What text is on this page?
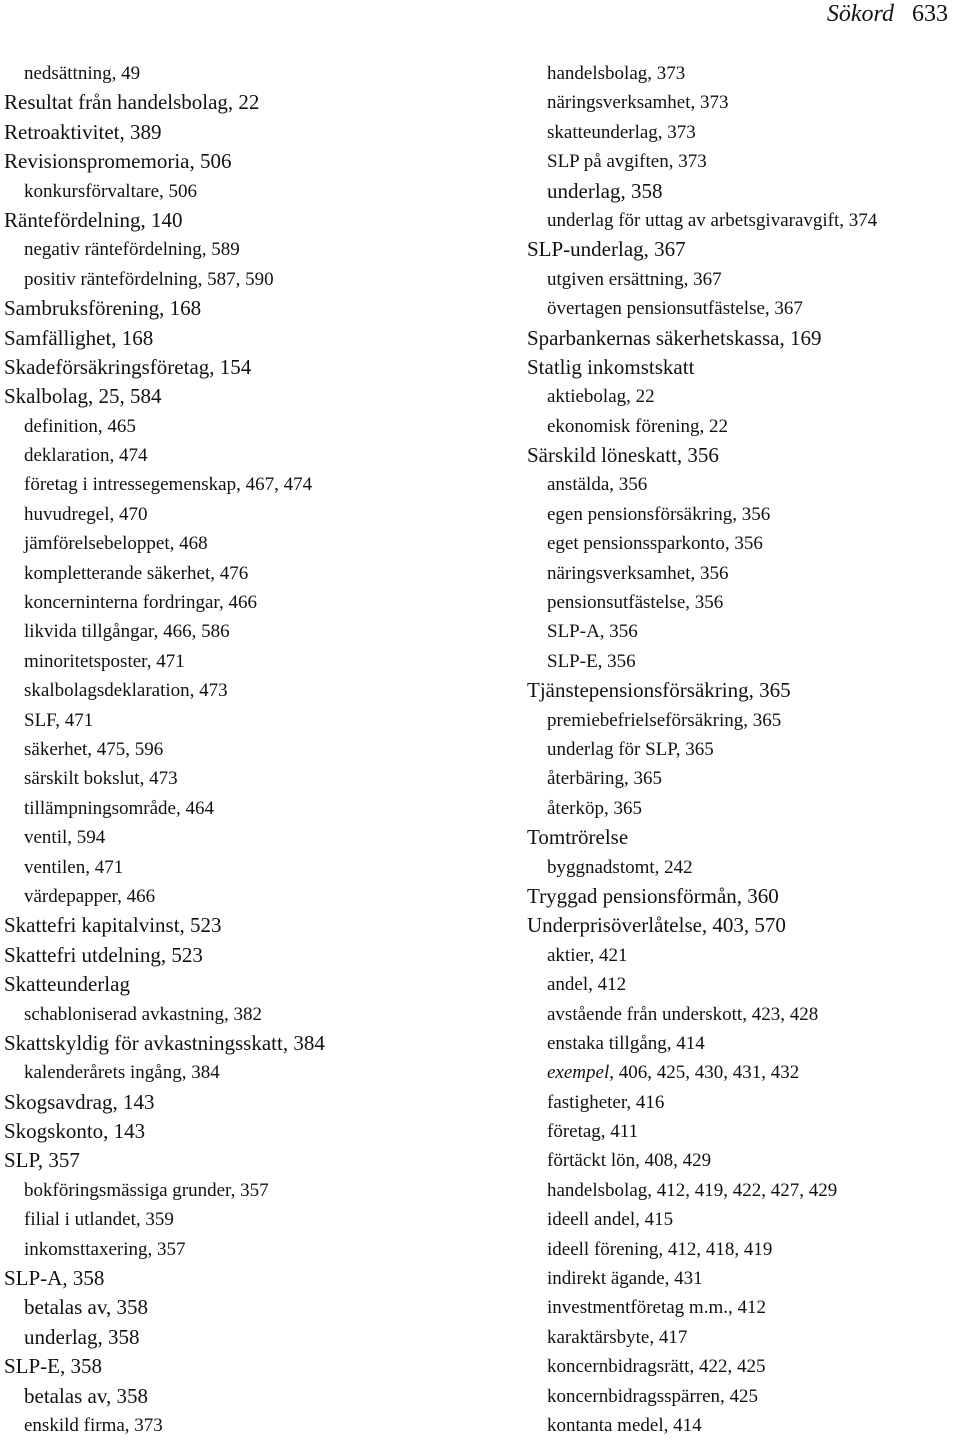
Sökord 633
nedsättning, 49
Resultat från handelsbolag, 22
Retroaktivitet, 389
Revisionspromemoria, 506
konkursförvaltare, 506
Räntefördelning, 140
negativ räntefördelning, 589
positiv räntefördelning, 587, 590
Sambruksförening, 168
Samfällighet, 168
Skadeförsäkringsföretag, 154
Skalbolag, 25, 584
definition, 465
deklaration, 474
företag i intressegemenskap, 467, 474
huvudregel, 470
jämförelsebeloppet, 468
kompletterande säkerhet, 476
koncerninterna fordringar, 466
likvida tillgångar, 466, 586
minoritetsposter, 471
skalbolagsdeklaration, 473
SLF, 471
säkerhet, 475, 596
särskilt bokslut, 473
tillämpningsområde, 464
ventil, 594
ventilen, 471
värdepapper, 466
Skattefri kapitalvinst, 523
Skattefri utdelning, 523
Skatteunderlag
schabloniserad avkastning, 382
Skattskyldig för avkastningsskatt, 384
kalenderårets ingång, 384
Skogsavdrag, 143
Skogskonto, 143
SLP, 357
bokföringsmässiga grunder, 357
filial i utlandet, 359
inkomsttaxering, 357
SLP-A, 358
betalas av, 358
underlag, 358
SLP-E, 358
betalas av, 358
enskild firma, 373
handelsbolag, 373
näringsverksamhet, 373
skatteunderlag, 373
SLP på avgiften, 373
underlag, 358
underlag för uttag av arbetsgivaravgift, 374
SLP-underlag, 367
utgiven ersättning, 367
övertagen pensionsutfästelse, 367
Sparbankernas säkerhetskassa, 169
Statlig inkomstskatt
aktiebolag, 22
ekonomisk förening, 22
Särskild löneskatt, 356
anstälda, 356
egen pensionsförsäkring, 356
eget pensionssparkonto, 356
näringsverksamhet, 356
pensionsutfästelse, 356
SLP-A, 356
SLP-E, 356
Tjänstepensionsförsäkring, 365
premiebefrielseförsäkring, 365
underlag för SLP, 365
återbäring, 365
återköp, 365
Tomtrörelse
byggnadstomt, 242
Tryggad pensionsförmån, 360
Underprisöverlåtelse, 403, 570
aktier, 421
andel, 412
avstående från underskott, 423, 428
enstaka tillgång, 414
exempel, 406, 425, 430, 431, 432
fastigheter, 416
företag, 411
förtäckt lön, 408, 429
handelsbolag, 412, 419, 422, 427, 429
ideell andel, 415
ideell förening, 412, 418, 419
indirekt ägande, 431
investmentföretag m.m., 412
karaktärsbyte, 417
koncernbidragsrätt, 422, 425
koncernbidragsspärren, 425
kontanta medel, 414
